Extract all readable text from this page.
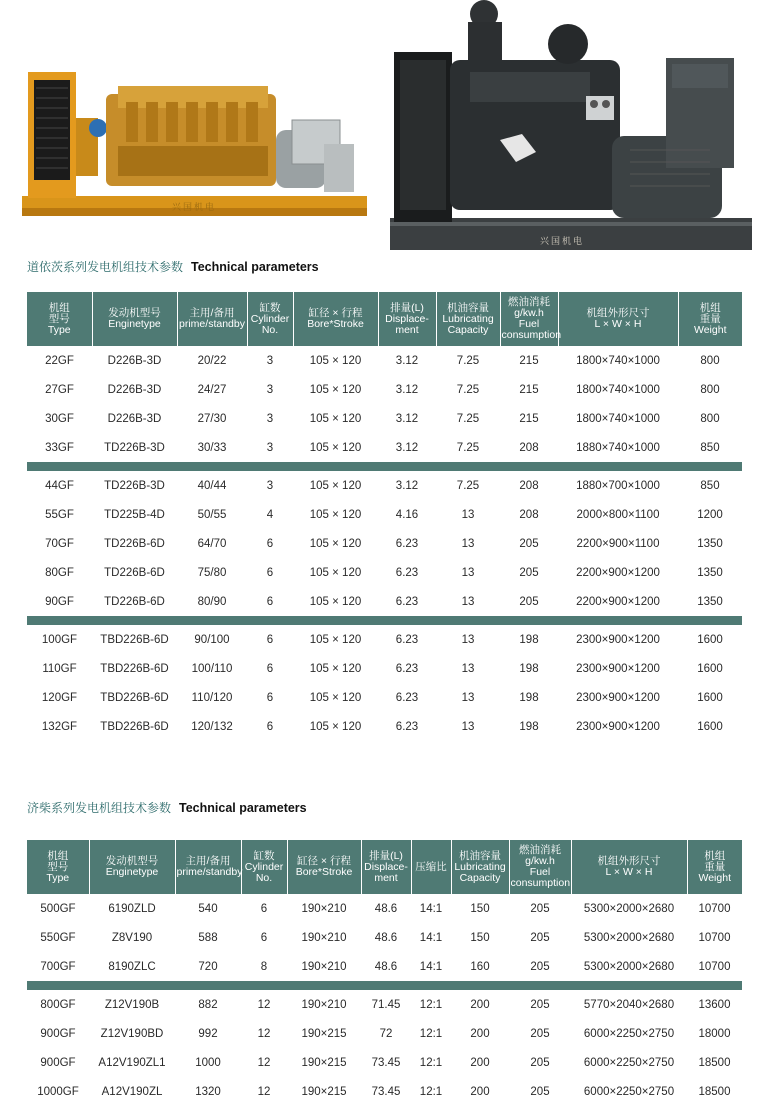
兴国机电
兴国机电
道依茨系列发电机组技术参数 Technical parameters
机组
型号
Type	发动机型号
Enginetype	主用/备用
prime/standby	缸数
Cylinder
No.	缸径 × 行程
Bore*Stroke	排量(L)
Displace-
ment	机油容量
Lubricating
Capacity	燃油消耗
g/kw.h
Fuel
consumption	机组外形尺寸
L × W × H	机组
重量
Weight
22GF	D226B-3D	20/22	3	105 × 120	3.12	7.25	215	1800×740×1000	800
27GF	D226B-3D	24/27	3	105 × 120	3.12	7.25	215	1800×740×1000	800
30GF	D226B-3D	27/30	3	105 × 120	3.12	7.25	215	1800×740×1000	800
33GF	TD226B-3D	30/33	3	105 × 120	3.12	7.25	208	1880×740×1000	850

44GF	TD226B-3D	40/44	3	105 × 120	3.12	7.25	208	1880×700×1000	850
55GF	TD225B-4D	50/55	4	105 × 120	4.16	13	208	2000×800×1100	1200
70GF	TD226B-6D	64/70	6	105 × 120	6.23	13	205	2200×900×1100	1350
80GF	TD226B-6D	75/80	6	105 × 120	6.23	13	205	2200×900×1200	1350
90GF	TD226B-6D	80/90	6	105 × 120	6.23	13	205	2200×900×1200	1350

100GF	TBD226B-6D	90/100	6	105 × 120	6.23	13	198	2300×900×1200	1600
110GF	TBD226B-6D	100/110	6	105 × 120	6.23	13	198	2300×900×1200	1600
120GF	TBD226B-6D	110/120	6	105 × 120	6.23	13	198	2300×900×1200	1600
132GF	TBD226B-6D	120/132	6	105 × 120	6.23	13	198	2300×900×1200	1600
济柴系列发电机组技术参数 Technical parameters
机组
型号
Type	发动机型号
Enginetype	主用/备用
prime/standby	缸数
Cylinder
No.	缸径 × 行程
Bore*Stroke	排量(L)
Displace-
ment	压缩比	机油容量
Lubricating
Capacity	燃油消耗
g/kw.h
Fuel
consumption	机组外形尺寸
L × W × H	机组
重量
Weight
500GF	6190ZLD	540	6	190×210	48.6	14:1	150	205	5300×2000×2680	10700
550GF	Z8V190	588	6	190×210	48.6	14:1	150	205	5300×2000×2680	10700
700GF	8190ZLC	720	8	190×210	48.6	14:1	160	205	5300×2000×2680	10700

800GF	Z12V190B	882	12	190×210	71.45	12:1	200	205	5770×2040×2680	13600
900GF	Z12V190BD	992	12	190×215	72	12:1	200	205	6000×2250×2750	18000
900GF	A12V190ZL1	1000	12	190×215	73.45	12:1	200	205	6000×2250×2750	18500
1000GF	A12V190ZL	1320	12	190×215	73.45	12:1	200	205	6000×2250×2750	18500
